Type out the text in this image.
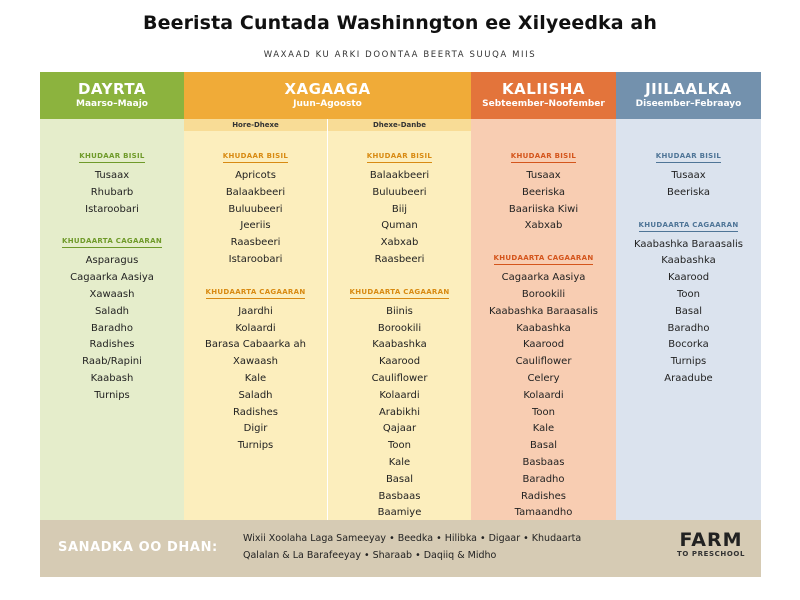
Beerista Cuntada Washinngton ee Xilyeedka ah
WAXAAD KU ARKI DOONTAA BEERTA SUUQA MIIS
DAYRTA
Maarso–Maajo
KHUDAAR BISIL
Tusaax
Rhubarb
Istaroobari
KHUDAARTA CAGAARAN
Asparagus
Cagaarka Aasiya
Xawaash
Saladh
Baradho
Radishes
Raab/Rapini
Kaabash
Turnips
XAGAAGA
Juun–Agoosto
Hore-Dhexe	Dhexe-Danbe
KHUDAAR BISIL
Apricots
Balaakbeeri
Buluubeeri
Jeeriis
Raasbeeri
Istaroobari
KHUDAARTA CAGAARAN
Jaardhi
Kolaardi
Barasa Cabaarka ah
Xawaash
Kale
Saladh
Radishes
Digir
Turnips
KHUDAAR BISIL
Balaakbeeri
Buluubeeri
Biij
Quman
Xabxab
Raasbeeri
KHUDAARTA CAGAARAN
Biinis
Borookili
Kaabashka
Kaarood
Cauliflower
Kolaardi
Arabikhi
Qajaar
Toon
Kale
Basal
Basbaas
Baamiye
KALIISHA
Sebteember–Noofember
KHUDAAR BISIL
Tusaax
Beeriska
Baariiska Kiwi
Xabxab
KHUDAARTA CAGAARAN
Cagaarka Aasiya
Borookili
Kaabashka Baraasalis
Kaabashka
Kaarood
Cauliflower
Celery
Kolaardi
Toon
Kale
Basal
Basbaas
Baradho
Radishes
Tamaandho
JIILAALKA
Diseember–Febraayo
KHUDAAR BISIL
Tusaax
Beeriska
KHUDAARTA CAGAARAN
Kaabashka Baraasalis
Kaabashka
Kaarood
Toon
Basal
Baradho
Bocorka
Turnips
Araadube
SANADKA OO DHAN:
Wixii Xoolaha Laga Sameeyay • Beedka • Hilibka • Digaar • Khudaarta
Qalalan & La Barafeeyay • Sharaab • Daqiiq & Midho
FARM
TO PRESCHOOL
